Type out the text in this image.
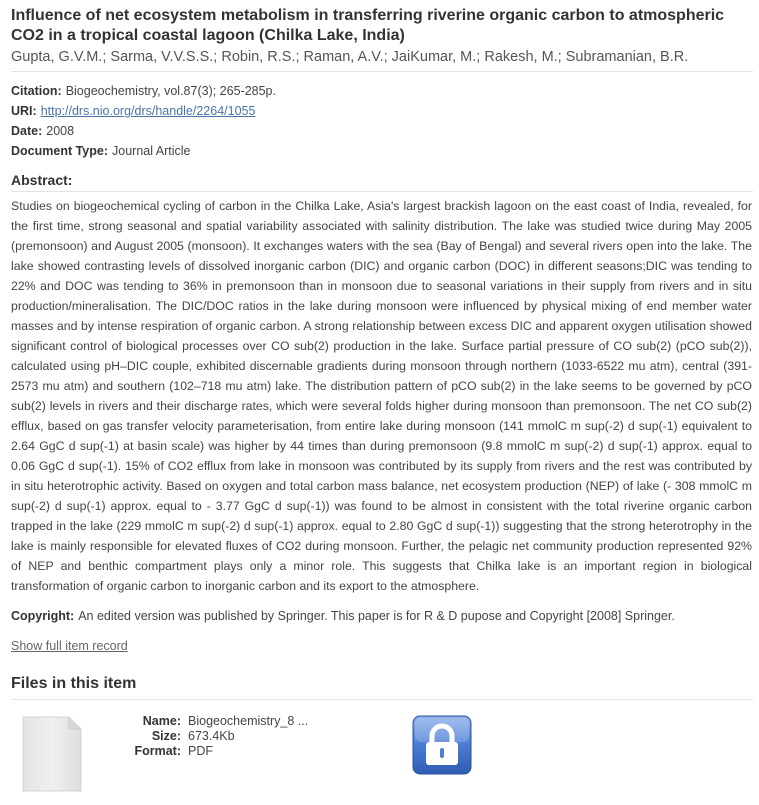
Influence of net ecosystem metabolism in transferring riverine organic carbon to atmospheric CO2 in a tropical coastal lagoon (Chilka Lake, India)
Gupta, G.V.M.; Sarma, V.V.S.S.; Robin, R.S.; Raman, A.V.; JaiKumar, M.; Rakesh, M.; Subramanian, B.R.
Citation: Biogeochemistry, vol.87(3); 265-285p.
URI: http://drs.nio.org/drs/handle/2264/1055
Date: 2008
Document Type: Journal Article
Abstract:

Studies on biogeochemical cycling of carbon in the Chilka Lake, Asia's largest brackish lagoon on the east coast of India, revealed, for the first time, strong seasonal and spatial variability associated with salinity distribution. The lake was studied twice during May 2005 (premonsoon) and August 2005 (monsoon). It exchanges waters with the sea (Bay of Bengal) and several rivers open into the lake. The lake showed contrasting levels of dissolved inorganic carbon (DIC) and organic carbon (DOC) in different seasons;DIC was tending to 22% and DOC was tending to 36% in premonsoon than in monsoon due to seasonal variations in their supply from rivers and in situ production/mineralisation. The DIC/DOC ratios in the lake during monsoon were influenced by physical mixing of end member water masses and by intense respiration of organic carbon. A strong relationship between excess DIC and apparent oxygen utilisation showed significant control of biological processes over CO sub(2) production in the lake. Surface partial pressure of CO sub(2) (pCO sub(2)), calculated using pH–DIC couple, exhibited discernable gradients during monsoon through northern (1033-6522 mu atm), central (391-2573 mu atm) and southern (102–718 mu atm) lake. The distribution pattern of pCO sub(2) in the lake seems to be governed by pCO sub(2) levels in rivers and their discharge rates, which were several folds higher during monsoon than premonsoon. The net CO sub(2) efflux, based on gas transfer velocity parameterisation, from entire lake during monsoon (141 mmolC m sup(-2) d sup(-1) equivalent to 2.64 GgC d sup(-1) at basin scale) was higher by 44 times than during premonsoon (9.8 mmolC m sup(-2) d sup(-1) approx. equal to 0.06 GgC d sup(-1). 15% of CO2 efflux from lake in monsoon was contributed by its supply from rivers and the rest was contributed by in situ heterotrophic activity. Based on oxygen and total carbon mass balance, net ecosystem production (NEP) of lake (- 308 mmolC m sup(-2) d sup(-1) approx. equal to - 3.77 GgC d sup(-1)) was found to be almost in consistent with the total riverine organic carbon trapped in the lake (229 mmolC m sup(-2) d sup(-1) approx. equal to 2.80 GgC d sup(-1)) suggesting that the strong heterotrophy in the lake is mainly responsible for elevated fluxes of CO2 during monsoon. Further, the pelagic net community production represented 92% of NEP and benthic compartment plays only a minor role. This suggests that Chilka lake is an important region in biological transformation of organic carbon to inorganic carbon and its export to the atmosphere.

Copyright: An edited version was published by Springer. This paper is for R & D pupose and Copyright [2008] Springer.
Show full item record
Files in this item
Name: Biogeochemistry_8 ...
Size: 673.4Kb
Format: PDF
